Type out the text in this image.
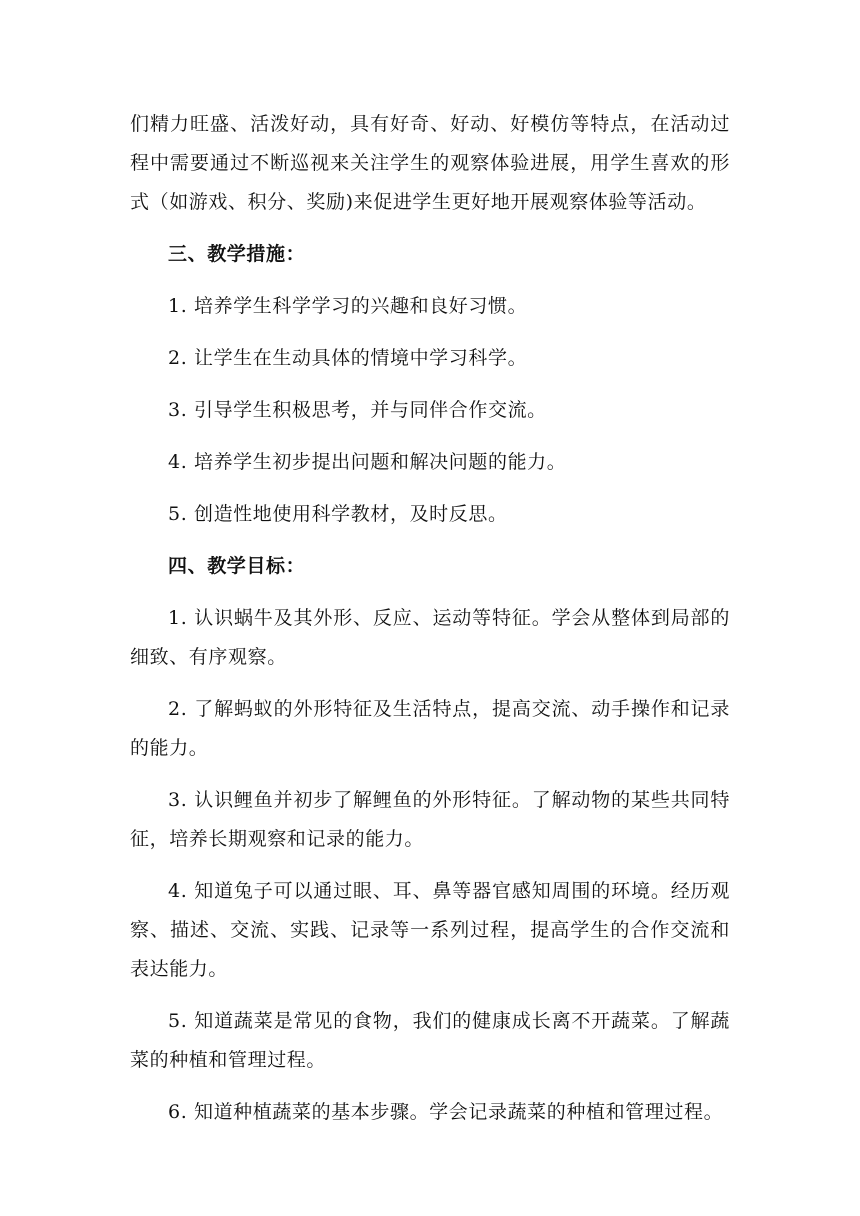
们精力旺盛、活泼好动，具有好奇、好动、好模仿等特点，在活动过程中需要通过不断巡视来关注学生的观察体验进展，用学生喜欢的形式（如游戏、积分、奖励)来促进学生更好地开展观察体验等活动。

三、教学措施：

1. 培养学生科学学习的兴趣和良好习惯。

2. 让学生在生动具体的情境中学习科学。

3. 引导学生积极思考，并与同伴合作交流。

4. 培养学生初步提出问题和解决问题的能力。

5. 创造性地使用科学教材，及时反思。

四、教学目标：

1. 认识蜗牛及其外形、反应、运动等特征。学会从整体到局部的细致、有序观察。

2. 了解蚂蚁的外形特征及生活特点，提高交流、动手操作和记录的能力。

3. 认识鲤鱼并初步了解鲤鱼的外形特征。了解动物的某些共同特征，培养长期观察和记录的能力。

4. 知道兔子可以通过眼、耳、鼻等器官感知周围的环境。经历观察、描述、交流、实践、记录等一系列过程，提高学生的合作交流和表达能力。

5. 知道蔬菜是常见的食物，我们的健康成长离不开蔬菜。了解蔬菜的种植和管理过程。

6. 知道种植蔬菜的基本步骤。学会记录蔬菜的种植和管理过程。
